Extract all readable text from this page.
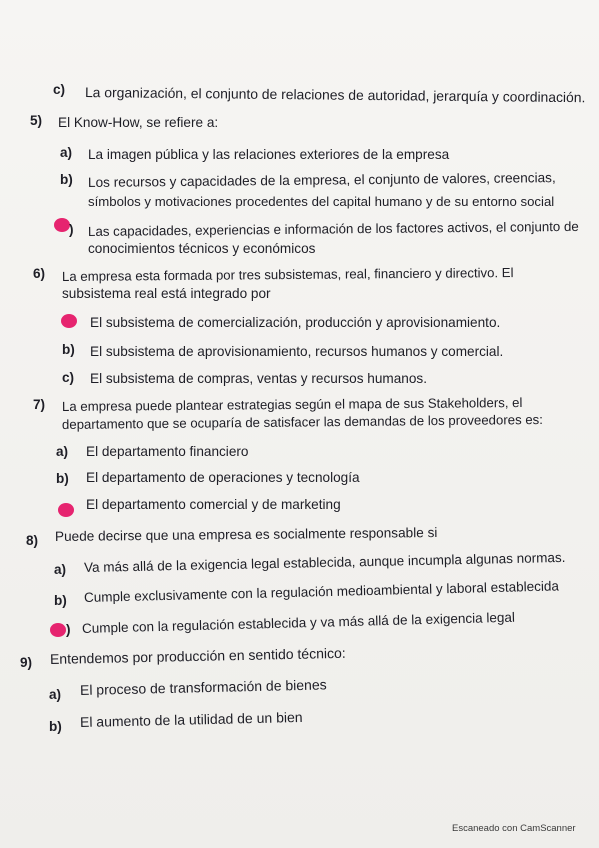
c) La organización, el conjunto de relaciones de autoridad, jerarquía y coordinación.
5) El Know-How, se refiere a:
a) La imagen pública y las relaciones exteriores de la empresa
b) Los recursos y capacidades de la empresa, el conjunto de valores, creencias,
símbolos y motivaciones procedentes del capital humano y de su entorno social
) Las capacidades, experiencias e información de los factores activos, el conjunto de
conocimientos técnicos y económicos
6) La empresa esta formada por tres subsistemas, real, financiero y directivo. El
subsistema real está integrado por
El subsistema de comercialización, producción y aprovisionamiento.
b) El subsistema de aprovisionamiento, recursos humanos y comercial.
c) El subsistema de compras, ventas y recursos humanos.
7) La empresa puede plantear estrategias según el mapa de sus Stakeholders, el
departamento que se ocuparía de satisfacer las demandas de los proveedores es:
a) El departamento financiero
b) El departamento de operaciones y tecnología
El departamento comercial y de marketing
8) Puede decirse que una empresa es socialmente responsable si
a) Va más allá de la exigencia legal establecida, aunque incumpla algunas normas.
b) Cumple exclusivamente con la regulación medioambiental y laboral establecida
) Cumple con la regulación establecida y va más allá de la exigencia legal
9) Entendemos por producción en sentido técnico:
a) El proceso de transformación de bienes
b) El aumento de la utilidad de un bien
Escaneado con CamScanner
